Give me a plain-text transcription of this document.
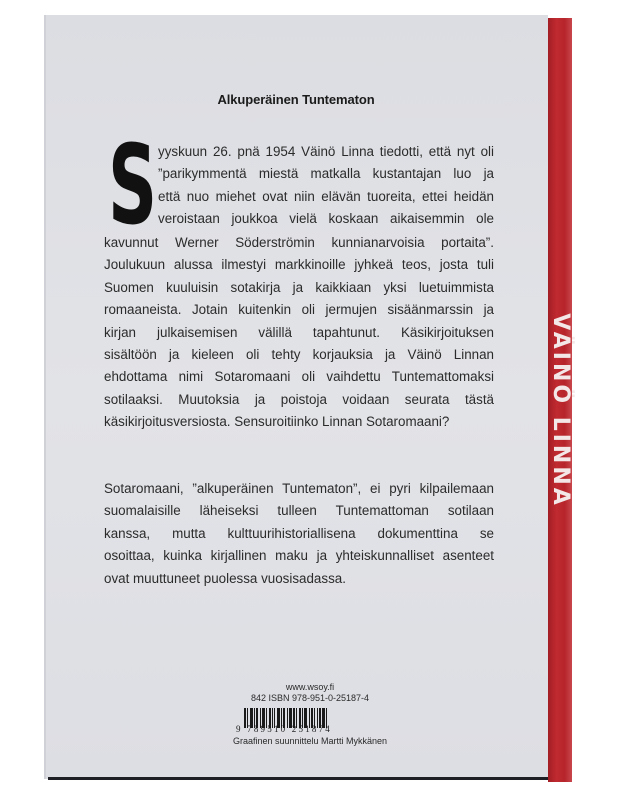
VÄINÖ LINNA
Alkuperäinen Tuntematon
S yyskuun 26. pnä 1954 Väinö Linna tiedotti, että nyt oli
”parikymmentä miestä matkalla kustantajan luo ja
että nuo miehet ovat niin elävän tuoreita, ettei heidän
veroistaan joukkoa vielä koskaan aikaisemmin ole
kavunnut Werner Söderströmin kunnianarvoisia portaita”.
Joulukuun alussa ilmestyi markkinoille jyhkeä teos, josta tuli
Suomen kuuluisin sotakirja ja kaikkiaan yksi luetuimmista
romaaneista. Jotain kuitenkin oli jermujen sisäänmarssin ja
kirjan julkaisemisen välillä tapahtunut. Käsikirjoituksen
sisältöön ja kieleen oli tehty korjauksia ja Väinö Linnan
ehdottama nimi Sotaromaani oli vaihdettu Tuntemattomaksi
sotilaaksi. Muutoksia ja poistoja voidaan seurata tästä
käsikirjoitusversiosta. Sensuroitiinko Linnan Sotaromaani?
Sotaromaani, ”alkuperäinen Tuntematon”, ei pyri kilpailemaan
suomalaisille läheiseksi tulleen Tuntemattoman sotilaan
kanssa, mutta kulttuurihistoriallisena dokumenttina se
osoittaa, kuinka kirjallinen maku ja yhteiskunnalliset asenteet
ovat muuttuneet puolessa vuosisadassa.
www.wsoy.fi
842 ISBN 978-951-0-25187-4
9 789510 251874
Graafinen suunnittelu Martti Mykkänen
